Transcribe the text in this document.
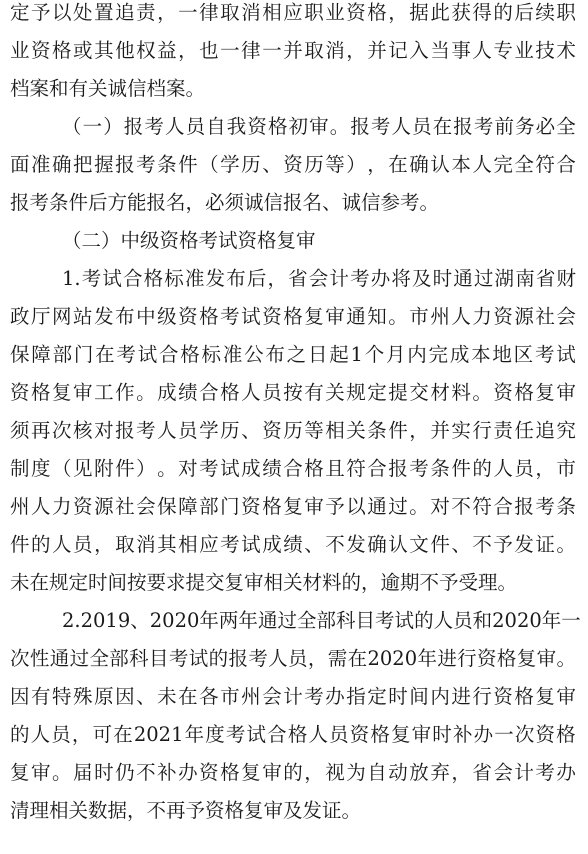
定 予 以 处 置 追 责 ， 一 律 取 消 相 应 职 业 资 格 ， 据 此 获 得 的 后 续 职
业 资 格 或 其 他 权 益 ， 也 一 律 一 并 取 消 ， 并 记 入 当 事 人 专 业 技 术
档案和有关诚信档案。
（ 一 ） 报 考 人 员 自 我 资 格 初 审 。 报 考 人 员 在 报 考 前 务 必 全
面 准 确 把 握 报 考 条 件 （ 学 历 、 资 历 等 ） ， 在 确 认 本 人 完 全 符 合
报考条件后方能报名，必须诚信报名、诚信参考。
（二）中级资格考试资格复审
1. 考 试 合 格 标 准 发 布 后 ， 省 会 计 考 办 将 及 时 通 过 湖 南 省 财
政 厅 网 站 发 布 中 级 资 格 考 试 资 格 复 审 通 知 。 市 州 人 力 资 源 社 会
保 障 部 门 在 考 试 合 格 标 准 公 布 之 日 起 1 个 月 内 完 成 本 地 区 考 试
资 格 复 审 工 作 。 成 绩 合 格 人 员 按 有 关 规 定 提 交 材 料 。 资 格 复 审
须 再 次 核 对 报 考 人 员 学 历 、 资 历 等 相 关 条 件 ， 并 实 行 责 任 追 究
制 度 （ 见 附 件 ） 。 对 考 试 成 绩 合 格 且 符 合 报 考 条 件 的 人 员 ， 市
州 人 力 资 源 社 会 保 障 部 门 资 格 复 审 予 以 通 过 。 对 不 符 合 报 考 条
件 的 人 员 ， 取 消 其 相 应 考 试 成 绩 、 不 发 确 认 文 件 、 不 予 发 证 。
未在规定时间按要求提交复审相关材料的，逾期不予受理。
2.2019 、 2020 年 两 年 通 过 全 部 科 目 考 试 的 人 员 和 2020 年 一
次 性 通 过 全 部 科 目 考 试 的 报 考 人 员 ， 需 在 2020 年 进 行 资 格 复 审 。
因 有 特 殊 原 因 、 未 在 各 市 州 会 计 考 办 指 定 时 间 内 进 行 资 格 复 审
的 人 员 ， 可 在 2021 年 度 考 试 合 格 人 员 资 格 复 审 时 补 办 一 次 资 格
复 审 。 届 时 仍 不 补 办 资 格 复 审 的 ， 视 为 自 动 放 弃 ， 省 会 计 考 办
清理相关数据，不再予资格复审及发证。
